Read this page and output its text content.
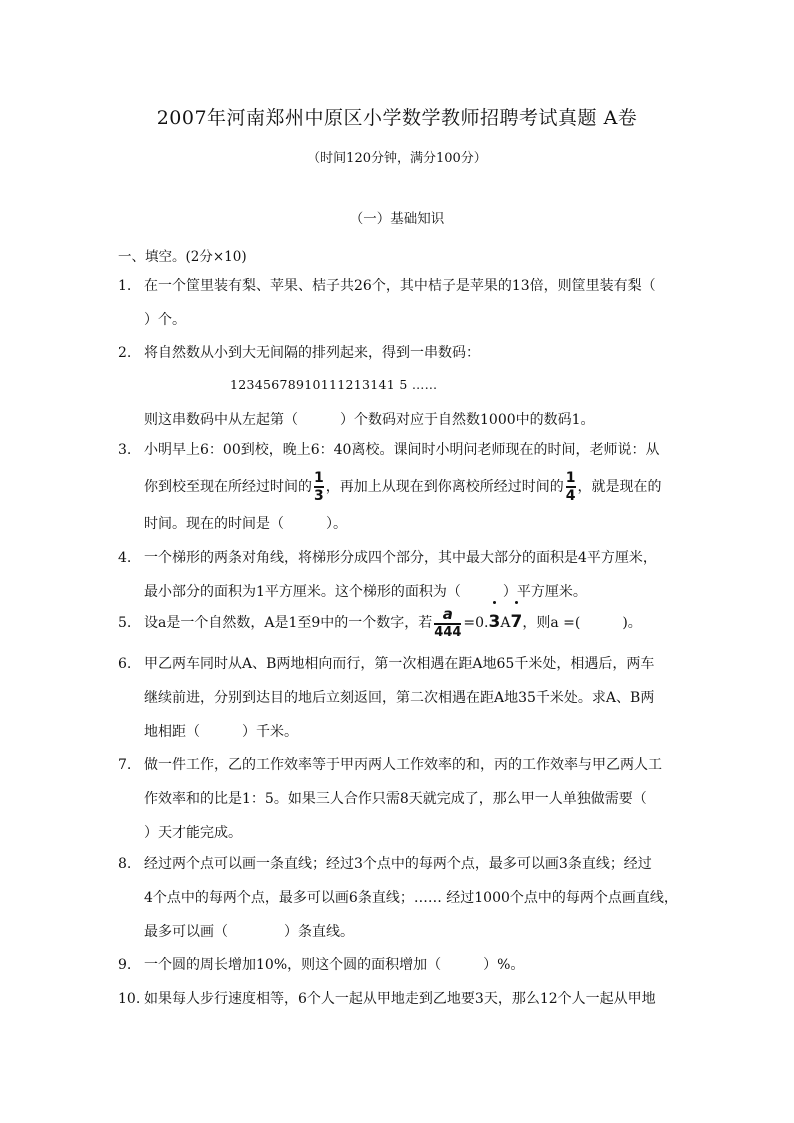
2007年河南郑州中原区小学数学教师招聘考试真题 A卷
（时间120分钟，满分100分）
（一）基础知识
一、填空。(2分×10)
1. 在一个筐里装有梨、苹果、桔子共26个，其中桔子是苹果的13倍，则筐里装有梨（
）个。
2. 将自然数从小到大无间隔的排列起来，得到一串数码：
12345678910111213141 5 ……
则这串数码中从左起第（　　　）个数码对应于自然数1000中的数码1。
3. 小明早上6：00到校，晚上6：40离校。课间时小明问老师现在的时间，老师说：从
你到校至现在所经过时间的 $\frac{1}{3}$ ，再加上从现在到你离校所经过时间的 $\frac{1}{4}$ ，就是现在的
时间。现在的时间是（　　　）。
4. 一个梯形的两条对角线，将梯形分成四个部分，其中最大部分的面积是4平方厘米，
最小部分的面积为1平方厘米。这个梯形的面积为（　　　）平方厘米。
5. 设a是一个自然数，A是1至9中的一个数字，若 $\frac{a}{444} =0.3A7$，则a =(　　　)。
6. 甲乙两车同时从A、B两地相向而行，第一次相遇在距A地65千米处，相遇后，两车
继续前进，分别到达目的地后立刻返回，第二次相遇在距A地35千米处。求A、B两
地相距（　　　）千米。
7. 做一件工作，乙的工作效率等于甲丙两人工作效率的和，丙的工作效率与甲乙两人工
作效率和的比是1：5。如果三人合作只需8天就完成了，那么甲一人单独做需要（
）天才能完成。
8. 经过两个点可以画一条直线；经过3个点中的每两个点，最多可以画3条直线；经过
4个点中的每两个点，最多可以画6条直线；…… 经过1000个点中的每两个点画直线，
最多可以画（　　　　）条直线。
9. 一个圆的周长增加10%，则这个圆的面积增加（　　　）%。
10. 如果每人步行速度相等，6个人一起从甲地走到乙地要3天，那么12个人一起从甲地
